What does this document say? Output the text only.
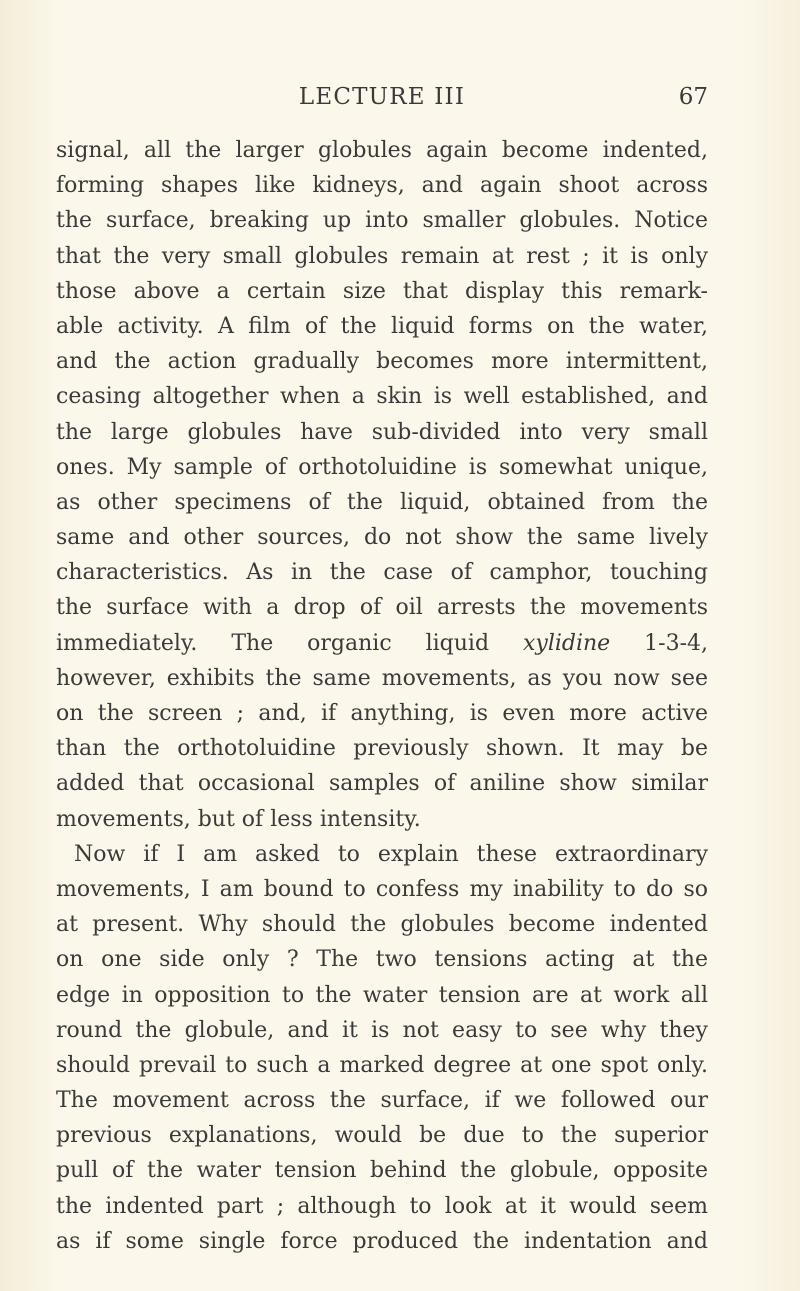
LECTURE III	67
signal, all the larger globules again become indented,
forming shapes like kidneys, and again shoot across
the surface, breaking up into smaller globules. Notice
that the very small globules remain at rest ; it is only
those above a certain size that display this remark-
able activity. A film of the liquid forms on the water,
and the action gradually becomes more intermittent,
ceasing altogether when a skin is well established, and
the large globules have sub-divided into very small
ones. My sample of orthotoluidine is somewhat unique,
as other specimens of the liquid, obtained from the
same and other sources, do not show the same lively
characteristics. As in the case of camphor, touching
the surface with a drop of oil arrests the movements
immediately. The organic liquid xylidine 1-3-4,
however, exhibits the same movements, as you now see
on the screen ; and, if anything, is even more active
than the orthotoluidine previously shown. It may be
added that occasional samples of aniline show similar
movements, but of less intensity.
Now if I am asked to explain these extraordinary
movements, I am bound to confess my inability to do so
at present. Why should the globules become indented
on one side only ? The two tensions acting at the
edge in opposition to the water tension are at work all
round the globule, and it is not easy to see why they
should prevail to such a marked degree at one spot only.
The movement across the surface, if we followed our
previous explanations, would be due to the superior
pull of the water tension behind the globule, opposite
the indented part ; although to look at it would seem
as if some single force produced the indentation and
